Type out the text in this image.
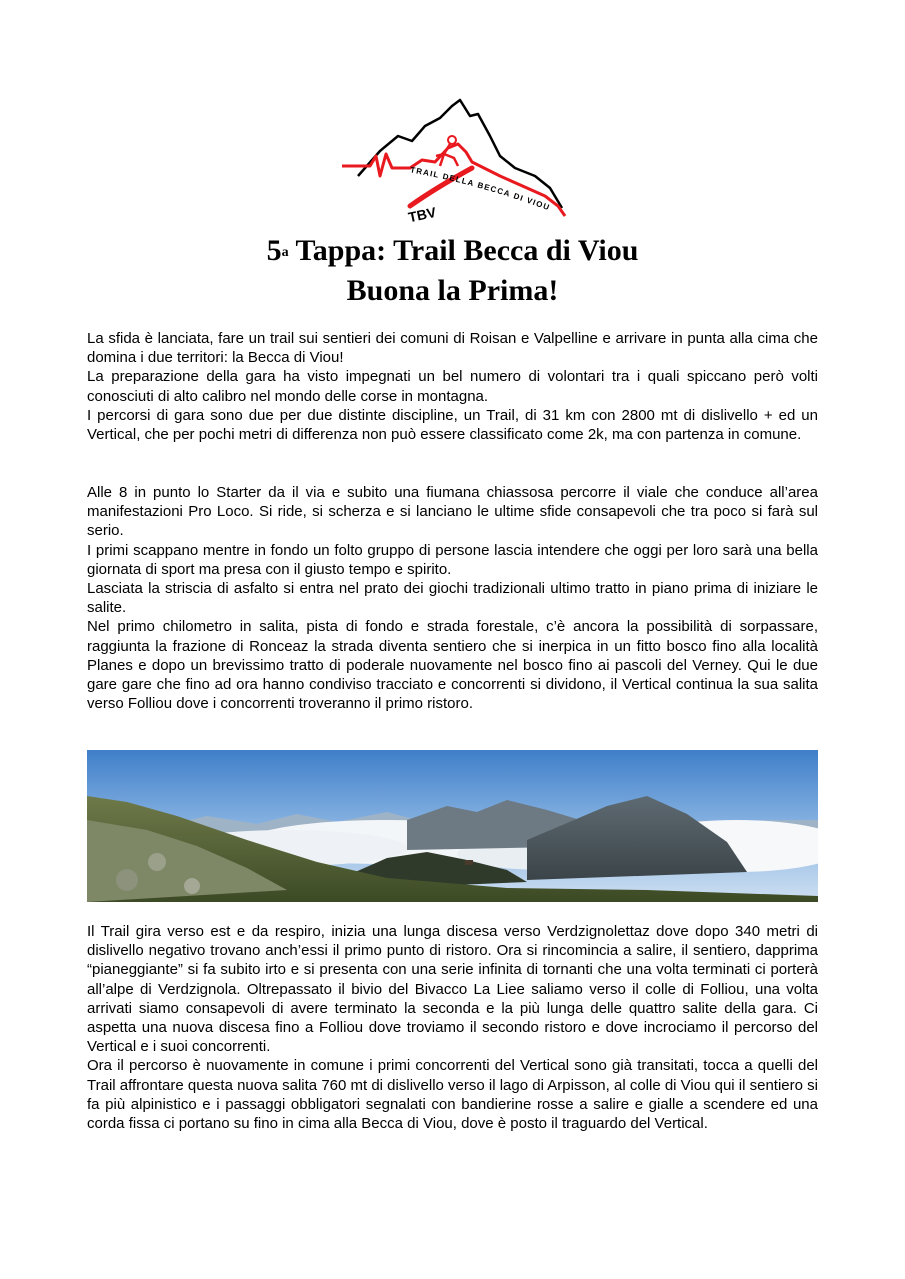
TRAIL DELLA BECCA DI VIOU
TBV
5$^a$ Tappa: Trail Becca di Viou
Buona la Prima!
La sfida è lanciata, fare un trail sui sentieri dei comuni di Roisan e Valpelline e arrivare in punta alla cima che domina i due territori: la Becca di Viou!
La preparazione della gara ha visto impegnati un bel numero di volontari tra i quali spiccano però volti conosciuti di alto calibro nel mondo delle corse in montagna.
I percorsi di gara sono due per due distinte discipline, un Trail, di 31 km con 2800 mt di dislivello + ed un Vertical, che per pochi metri di differenza non può essere classificato come 2k, ma con partenza in comune.
Alle 8 in punto lo Starter da il via e subito una fiumana chiassosa percorre il viale che conduce all’area manifestazioni Pro Loco. Si ride, si scherza e si lanciano le ultime sfide consapevoli che tra poco si farà sul serio.
I primi scappano mentre in fondo un folto gruppo di persone lascia intendere che oggi per loro sarà una bella giornata di sport ma presa con il giusto tempo e spirito.
Lasciata la striscia di asfalto si entra nel prato dei giochi tradizionali ultimo tratto in piano prima di iniziare le salite.
Nel primo chilometro in salita, pista di fondo e strada forestale, c’è ancora la possibilità di sorpassare, raggiunta la frazione di Ronceaz la strada diventa sentiero che si inerpica in un fitto bosco fino alla località Planes e dopo un brevissimo tratto di poderale nuovamente nel bosco fino ai pascoli del Verney. Qui le due gare gare che fino ad ora hanno condiviso tracciato e concorrenti si dividono, il Vertical continua la sua salita verso Folliou dove i concorrenti troveranno il primo ristoro.
Il Trail gira verso est e da respiro, inizia una lunga discesa verso Verdzignolettaz dove dopo 340 metri di dislivello negativo trovano anch’essi il primo punto di ristoro. Ora si rincomincia a salire, il sentiero, dapprima “pianeggiante” si fa subito irto e si presenta con una serie infinita di tornanti che una volta terminati ci porterà all’alpe di Verdzignola. Oltrepassato il bivio del Bivacco La Liee saliamo verso il colle di Folliou, una volta arrivati siamo consapevoli di avere terminato la seconda e la più lunga delle quattro salite della gara. Ci aspetta una nuova discesa fino a Folliou dove troviamo il secondo ristoro e dove incrociamo il percorso del Vertical e i suoi concorrenti.
Ora il percorso è nuovamente in comune i primi concorrenti del Vertical sono già transitati, tocca a quelli del Trail affrontare questa nuova salita 760 mt di dislivello verso il lago di Arpisson, al colle di Viou qui il sentiero si fa più alpinistico e i passaggi obbligatori segnalati con bandierine rosse a salire e gialle a scendere ed una corda fissa ci portano su fino in cima alla Becca di Viou, dove è posto il traguardo del Vertical.
